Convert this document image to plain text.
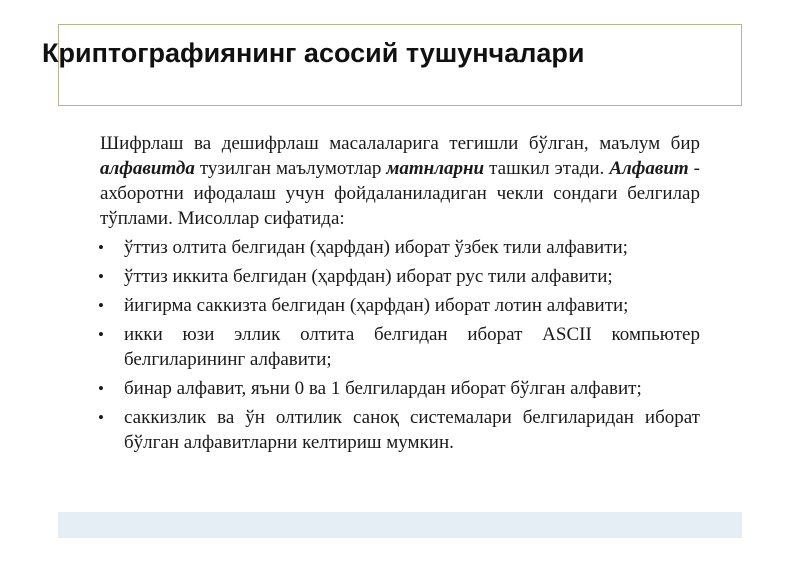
Криптографиянинг асосий тушунчалари

Шифрлаш ва дешифрлаш масалаларига тегишли бўлган, маълум бир алфавитда тузилган маълумотлар матнларни ташкил этади. Алфавит - ахборотни ифодалаш учун фойдаланиладиган чекли сондаги белгилар тўплами. Мисоллар сифатида:

• ўттиз олтита белгидан (ҳарфдан) иборат ўзбек тили алфавити;
• ўттиз иккита белгидан (ҳарфдан) иборат рус тили алфавити;
• йигирма саккизта белгидан (ҳарфдан) иборат лотин алфавити;
• икки юзи эллик олтита белгидан иборат ASCII компьютер белгиларининг алфавити;
• бинар алфавит, яъни 0 ва 1 белгилардан иборат бўлган алфавит;
• саккизлик ва ўн олтилик саноқ системалари белгиларидан иборат бўлган алфавитларни келтириш мумкин.
